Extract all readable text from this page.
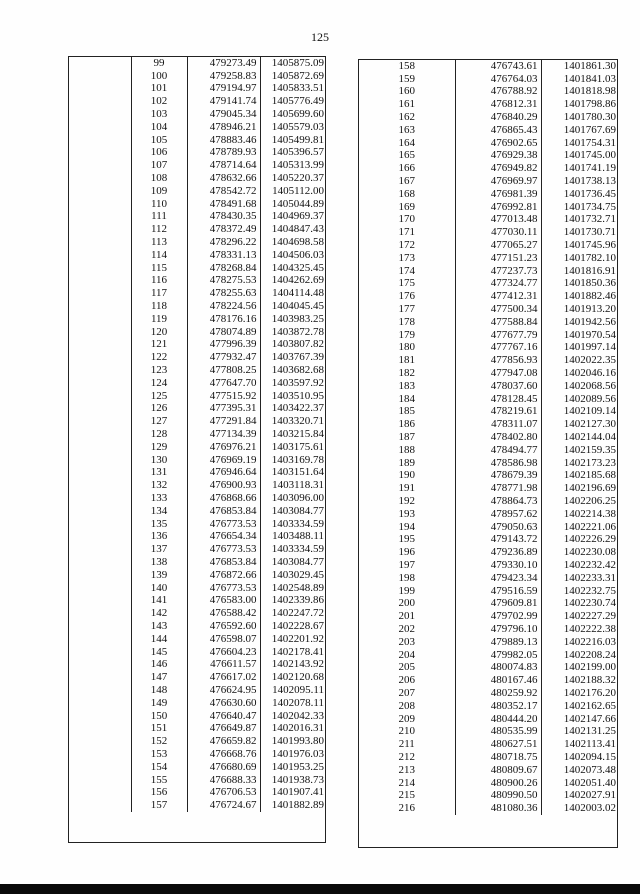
125
	99	479273.49	1405875.09
	100	479258.83	1405872.69
	101	479194.97	1405833.51
	102	479141.74	1405776.49
	103	479045.34	1405699.60
	104	478946.21	1405579.03
	105	478883.46	1405499.81
	106	478789.93	1405396.57
	107	478714.64	1405313.99
	108	478632.66	1405220.37
	109	478542.72	1405112.00
	110	478491.68	1405044.89
	111	478430.35	1404969.37
	112	478372.49	1404847.43
	113	478296.22	1404698.58
	114	478331.13	1404506.03
	115	478268.84	1404325.45
	116	478275.53	1404262.69
	117	478255.63	1404114.48
	118	478224.56	1404045.45
	119	478176.16	1403983.25
	120	478074.89	1403872.78
	121	477996.39	1403807.82
	122	477932.47	1403767.39
	123	477808.25	1403682.68
	124	477647.70	1403597.92
	125	477515.92	1403510.95
	126	477395.31	1403422.37
	127	477291.84	1403320.71
	128	477134.39	1403215.84
	129	476976.21	1403175.61
	130	476969.19	1403169.78
	131	476946.64	1403151.64
	132	476900.93	1403118.31
	133	476868.66	1403096.00
	134	476853.84	1403084.77
	135	476773.53	1403334.59
	136	476654.34	1403488.11
	137	476773.53	1403334.59
	138	476853.84	1403084.77
	139	476872.66	1403029.45
	140	476773.53	1402548.89
	141	476583.00	1402339.86
	142	476588.42	1402247.72
	143	476592.60	1402228.67
	144	476598.07	1402201.92
	145	476604.23	1402178.41
	146	476611.57	1402143.92
	147	476617.02	1402120.68
	148	476624.95	1402095.11
	149	476630.60	1402078.11
	150	476640.47	1402042.33
	151	476649.87	1402016.31
	152	476659.82	1401993.80
	153	476668.76	1401976.03
	154	476680.69	1401953.25
	155	476688.33	1401938.73
	156	476706.53	1401907.41
	157	476724.67	1401882.89
158	476743.61	1401861.30
159	476764.03	1401841.03
160	476788.92	1401818.98
161	476812.31	1401798.86
162	476840.29	1401780.30
163	476865.43	1401767.69
164	476902.65	1401754.31
165	476929.38	1401745.00
166	476949.82	1401741.19
167	476969.97	1401738.13
168	476981.39	1401736.45
169	476992.81	1401734.75
170	477013.48	1401732.71
171	477030.11	1401730.71
172	477065.27	1401745.96
173	477151.23	1401782.10
174	477237.73	1401816.91
175	477324.77	1401850.36
176	477412.31	1401882.46
177	477500.34	1401913.20
178	477588.84	1401942.56
179	477677.79	1401970.54
180	477767.16	1401997.14
181	477856.93	1402022.35
182	477947.08	1402046.16
183	478037.60	1402068.56
184	478128.45	1402089.56
185	478219.61	1402109.14
186	478311.07	1402127.30
187	478402.80	1402144.04
188	478494.77	1402159.35
189	478586.98	1402173.23
190	478679.39	1402185.68
191	478771.98	1402196.69
192	478864.73	1402206.25
193	478957.62	1402214.38
194	479050.63	1402221.06
195	479143.72	1402226.29
196	479236.89	1402230.08
197	479330.10	1402232.42
198	479423.34	1402233.31
199	479516.59	1402232.75
200	479609.81	1402230.74
201	479702.99	1402227.29
202	479796.10	1402222.38
203	479889.13	1402216.03
204	479982.05	1402208.24
205	480074.83	1402199.00
206	480167.46	1402188.32
207	480259.92	1402176.20
208	480352.17	1402162.65
209	480444.20	1402147.66
210	480535.99	1402131.25
211	480627.51	1402113.41
212	480718.75	1402094.15
213	480809.67	1402073.48
214	480900.26	1402051.40
215	480990.50	1402027.91
216	481080.36	1402003.02
